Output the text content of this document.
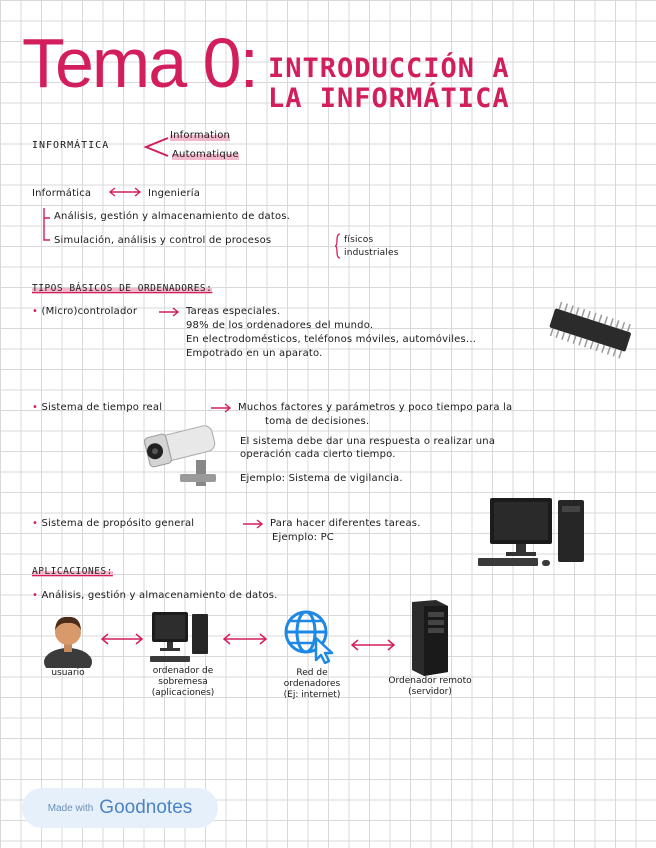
Tema 0: INTRODUCCIÓN A
LA INFORMÁTICA
INFORMÁTICA
Information
Automatique
Informática	Ingeniería
Análisis, gestión y almacenamiento de datos.
Simulación, análisis y control de procesos	físicos
industriales
TIPOS BÁSICOS DE ORDENADORES:
• (Micro)controlador	Tareas especiales.
98% de los ordenadores del mundo.
En electrodomésticos, teléfonos móviles, automóviles...
Empotrado en un aparato.
• Sistema de tiempo real	Muchos factores y parámetros y poco tiempo para la
toma de decisiones.
El sistema debe dar una respuesta o realizar una
operación cada cierto tiempo.
Ejemplo: Sistema de vigilancia.
• Sistema de propósito general	Para hacer diferentes tareas.
Ejemplo: PC
APLICACIONES:
• Análisis, gestión y almacenamiento de datos.
usuario	ordenador de
sobremesa
(aplicaciones)
Red de
ordenadores
(Ej: internet)
Ordenador remoto
(servidor)
Made with Goodnotes
